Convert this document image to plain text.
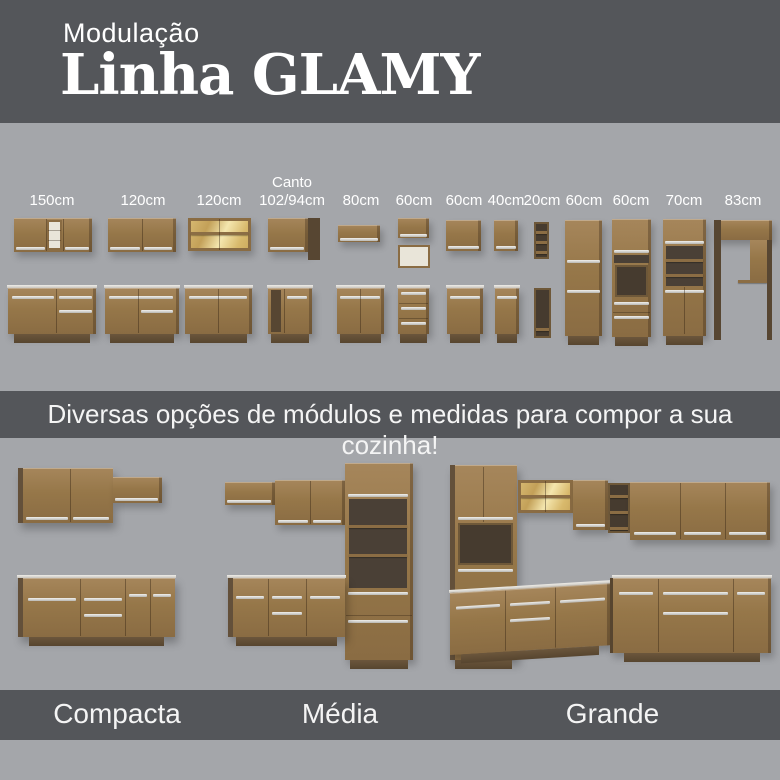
Modulação
Linha GLAMY
150cm	120cm	120cm
Canto
102/94cm	80cm	60cm 60cm 40cm 20cm 60cm 60cm	70cm	83cm
Diversas opções de módulos e medidas para compor a sua cozinha!
Compacta	Média	Grande
